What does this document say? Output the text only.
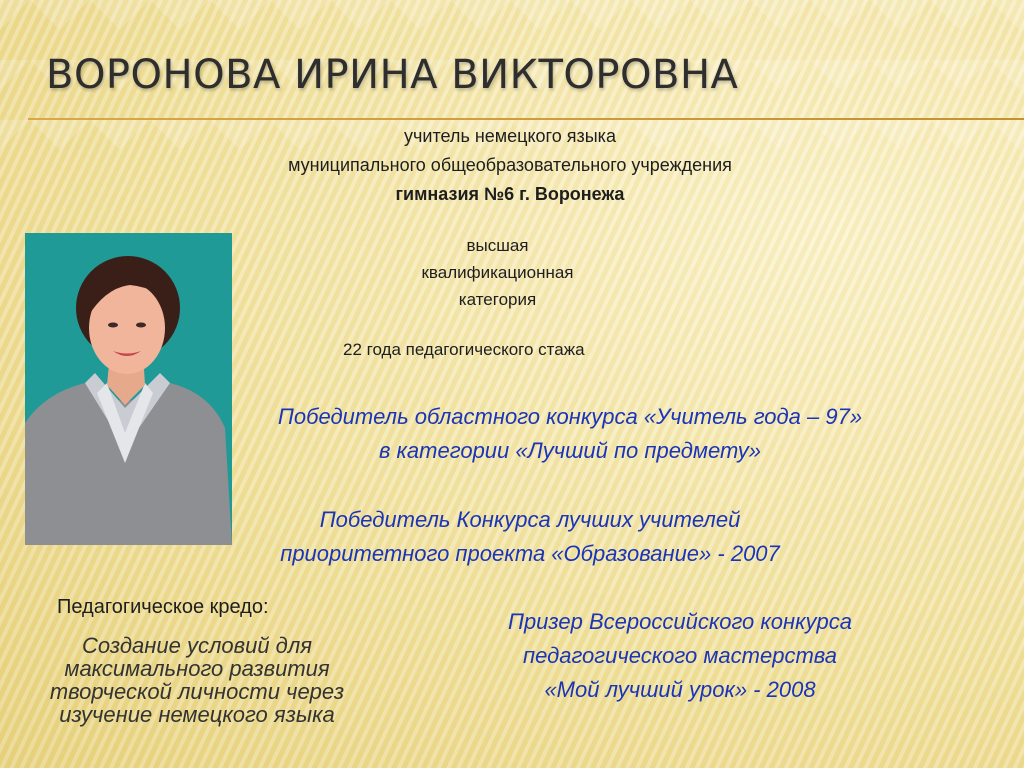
ВОРОНОВА ИРИНА ВИКТОРОВНА
учитель немецкого языка
муниципального общеобразовательного учреждения
гимназия №6 г. Воронежа
высшая
квалификационная
категория
22 года педагогического стажа
Победитель областного конкурса «Учитель года – 97»
в категории «Лучший по предмету»
Победитель Конкурса лучших учителей
приоритетного проекта «Образование» - 2007
Призер Всероссийского конкурса
педагогического мастерства
«Мой лучший урок» - 2008
Педагогическое кредо:
Создание условий для
максимального развития
творческой личности через
изучение немецкого языка
